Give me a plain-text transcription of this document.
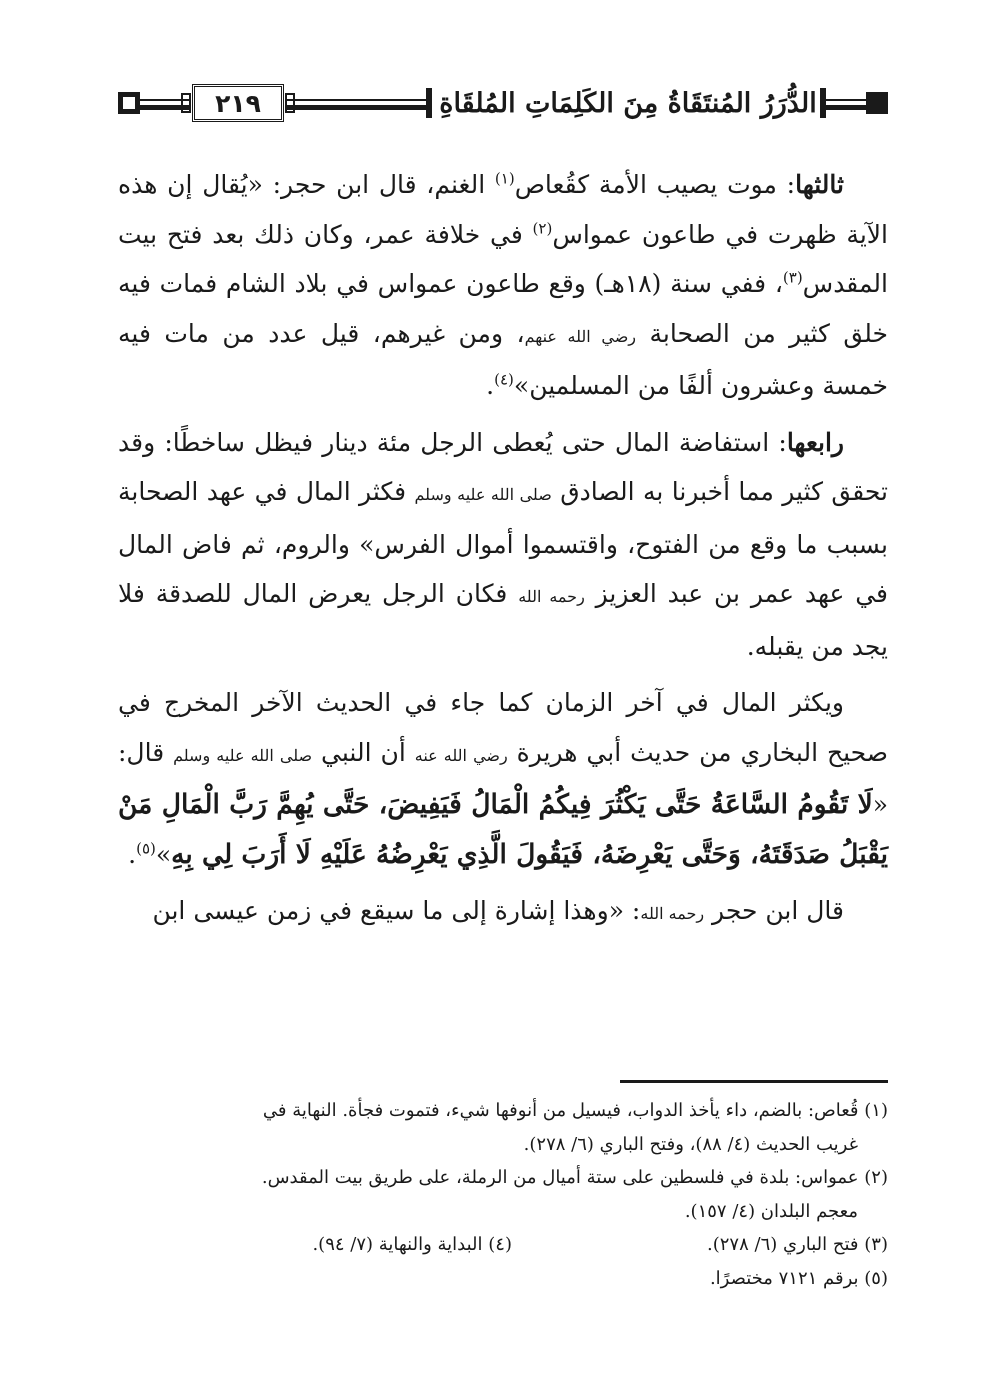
٢١٩	الدُّرَرُ المُنتَقَاةُ مِنَ الكَلِمَاتِ المُلقَاةِ

ثالثها: موت يصيب الأمة كقُعاص$^{(١)}$ الغنم، قال ابن حجر: «يُقال إن هذه الآية ظهرت في طاعون عمواس$^{(٢)}$ في خلافة عمر، وكان ذلك بعد فتح بيت المقدس$^{(٣)}$، ففي سنة (١٨هـ) وقع طاعون عمواس في بلاد الشام فمات فيه خلق كثير من الصحابة رضي الله عنهم، ومن غيرهم، قيل عدد من مات فيه خمسة وعشرون ألفًا من المسلمين»$^{(٤)}$.

رابعها: استفاضة المال حتى يُعطى الرجل مئة دينار فيظل ساخطًا: وقد تحقق كثير مما أخبرنا به الصادق صلى الله عليه وسلم فكثر المال في عهد الصحابة بسبب ما وقع من الفتوح، واقتسموا أموال الفرس» والروم، ثم فاض المال في عهد عمر بن عبد العزيز رحمه الله فكان الرجل يعرض المال للصدقة فلا يجد من يقبله.

ويكثر المال في آخر الزمان كما جاء في الحديث الآخر المخرج في صحيح البخاري من حديث أبي هريرة رضي الله عنه أن النبي صلى الله عليه وسلم قال: «لَا تَقُومُ السَّاعَةُ حَتَّى يَكْثُرَ فِيكُمُ الْمَالُ فَيَفِيضَ، حَتَّى يُهِمَّ رَبَّ الْمَالِ مَنْ يَقْبَلُ صَدَقَتَهُ، وَحَتَّى يَعْرِضَهُ، فَيَقُولَ الَّذِي يَعْرِضُهُ عَلَيْهِ لَا أَرَبَ لِي بِهِ»$^{(٥)}$.

قال ابن حجر رحمه الله: «وهذا إشارة إلى ما سيقع في زمن عيسى ابن

(١) قُعاص: بالضم، داء يأخذ الدواب، فيسيل من أنوفها شيء، فتموت فجأة. النهاية في
غريب الحديث (٤/ ٨٨)، وفتح الباري (٦/ ٢٧٨).

(٢) عمواس: بلدة في فلسطين على ستة أميال من الرملة، على طريق بيت المقدس.
معجم البلدان (٤/ ١٥٧).

(٣) فتح الباري (٦/ ٢٧٨).

(٤) البداية والنهاية (٧/ ٩٤).

(٥) برقم ٧١٢١ مختصرًا.
